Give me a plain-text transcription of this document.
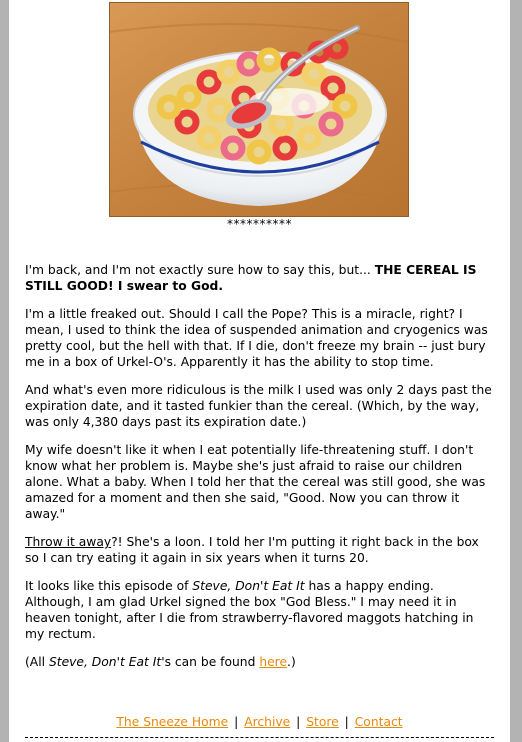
**********

I'm back, and I'm not exactly sure how to say this, but... THE CEREAL IS STILL GOOD! I swear to God.

I'm a little freaked out. Should I call the Pope? This is a miracle, right? I mean, I used to think the idea of suspended animation and cryogenics was pretty cool, but the hell with that. If I die, don't freeze my brain -- just bury me in a box of Urkel-O's. Apparently it has the ability to stop time.

And what's even more ridiculous is the milk I used was only 2 days past the expiration date, and it tasted funkier than the cereal. (Which, by the way, was only 4,380 days past its expiration date.)

My wife doesn't like it when I eat potentially life-threatening stuff. I don't know what her problem is. Maybe she's just afraid to raise our children alone. What a baby. When I told her that the cereal was still good, she was amazed for a moment and then she said, "Good. Now you can throw it away."

Throw it away?! She's a loon. I told her I'm putting it right back in the box so I can try eating it again in six years when it turns 20.

It looks like this episode of Steve, Don't Eat It has a happy ending. Although, I am glad Urkel signed the box "God Bless." I may need it in heaven tonight, after I die from strawberry-flavored maggots hatching in my rectum.

(All Steve, Don't Eat It's can be found here.)

The Sneeze Home | Archive | Store | Contact
